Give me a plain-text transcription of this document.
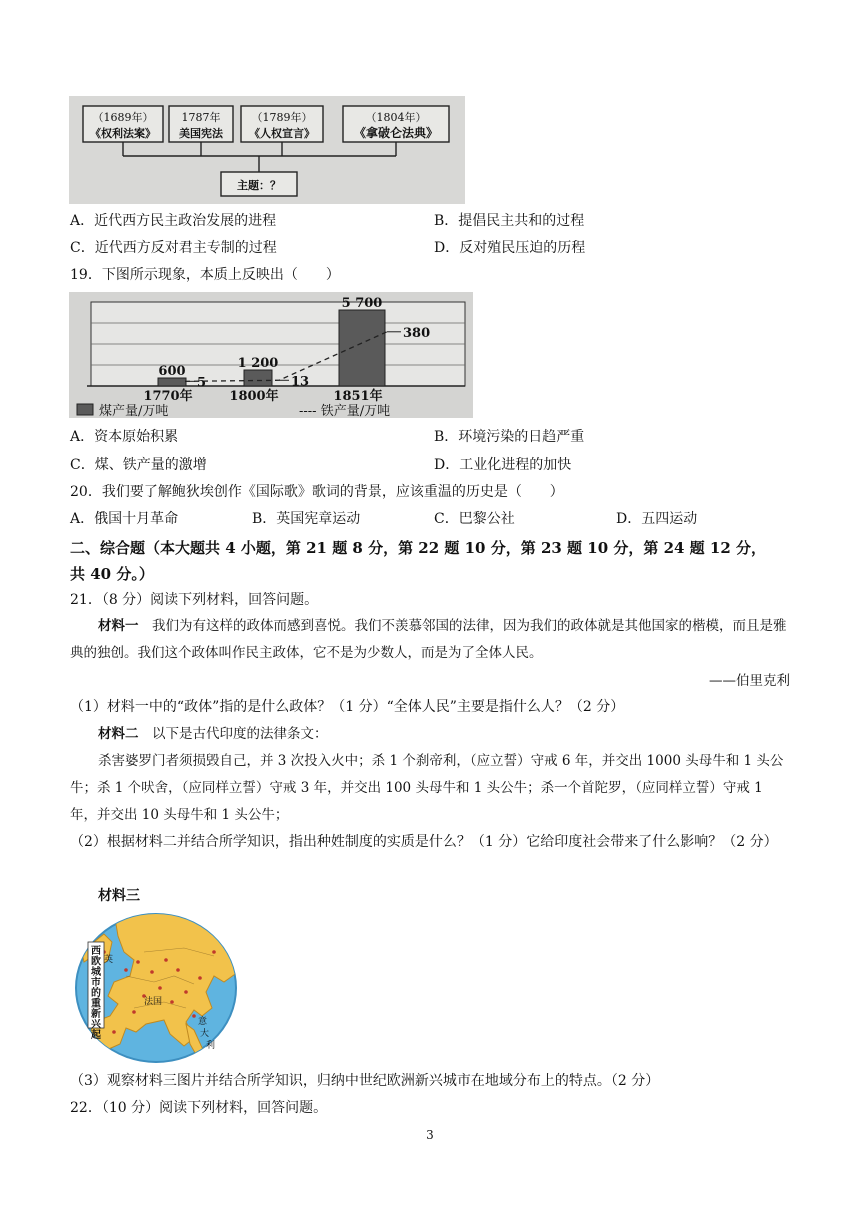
（1689年）
《权利法案》
1787年
美国宪法
（1789年）
《人权宣言》
（1804年）
《拿破仑法典》
主题：？
A．近代西方民主政治发展的进程	B．提倡民主共和的过程
C．近代西方反对君主专制的过程	D．反对殖民压迫的历程
19．下图所示现象，本质上反映出（　　）
600
1 200
5 700
5	13
380
1770年	1800年	1851年
煤产量/万吨	---- 铁产量/万吨
A．资本原始积累	B．环境污染的日趋严重
C．煤、铁产量的激增	D．工业化进程的加快
20．我们要了解鲍狄埃创作《国际歌》歌词的背景，应该重温的历史是（　　）
A．俄国十月革命	B．英国宪章运动	C．巴黎公社	D．五四运动
二、综合题（本大题共 4 小题，第 21 题 8 分，第 22 题 10 分，第 23 题 10 分，第 24 题 12 分，
共 40 分。）
21．（8 分）阅读下列材料，回答问题。
材料一　我们为有这样的政体而感到喜悦。我们不羡慕邻国的法律，因为我们的政体就是其他国家的楷模，而且是雅典的独创。我们这个政体叫作民主政体，它不是为少数人，而是为了全体人民。
——伯里克利
（1）材料一中的“政体”指的是什么政体？（1 分）“全体人民”主要是指什么人？（2 分）
材料二　以下是古代印度的法律条文：
杀害婆罗门者须损毁自己，并 3 次投入火中；杀 1 个刹帝利，（应立誓）守戒 6 年，并交出 1000 头母牛和 1 头公牛；杀 1 个吠舍，（应同样立誓）守戒 3 年，并交出 100 头母牛和 1 头公牛；杀一个首陀罗，（应同样立誓）守戒 1 年，并交出 10 头母牛和 1 头公牛；
（2）根据材料二并结合所学知识，指出种姓制度的实质是什么？（1 分）它给印度社会带来了什么影响？（2 分）
材料三
西欧城市的重新兴起
法国
英
意
大
利
（3）观察材料三图片并结合所学知识，归纳中世纪欧洲新兴城市在地域分布上的特点。（2 分）
22．（10 分）阅读下列材料，回答问题。
3
